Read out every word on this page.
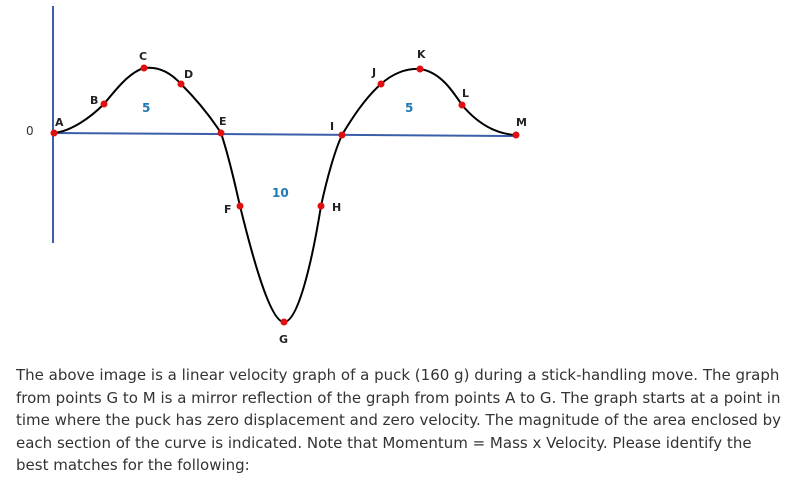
0
A
B
C
D
E
F
G
H
I
J
K
L
M
5
10
5

The above image is a linear velocity graph of a puck (160 g) during a stick-handling move. The graph from points G to M is a mirror reflection of the graph from points A to G. The graph starts at a point in time where the puck has zero displacement and zero velocity. The magnitude of the area enclosed by each section of the curve is indicated. Note that Momentum = Mass x Velocity. Please identify the best matches for the following:
